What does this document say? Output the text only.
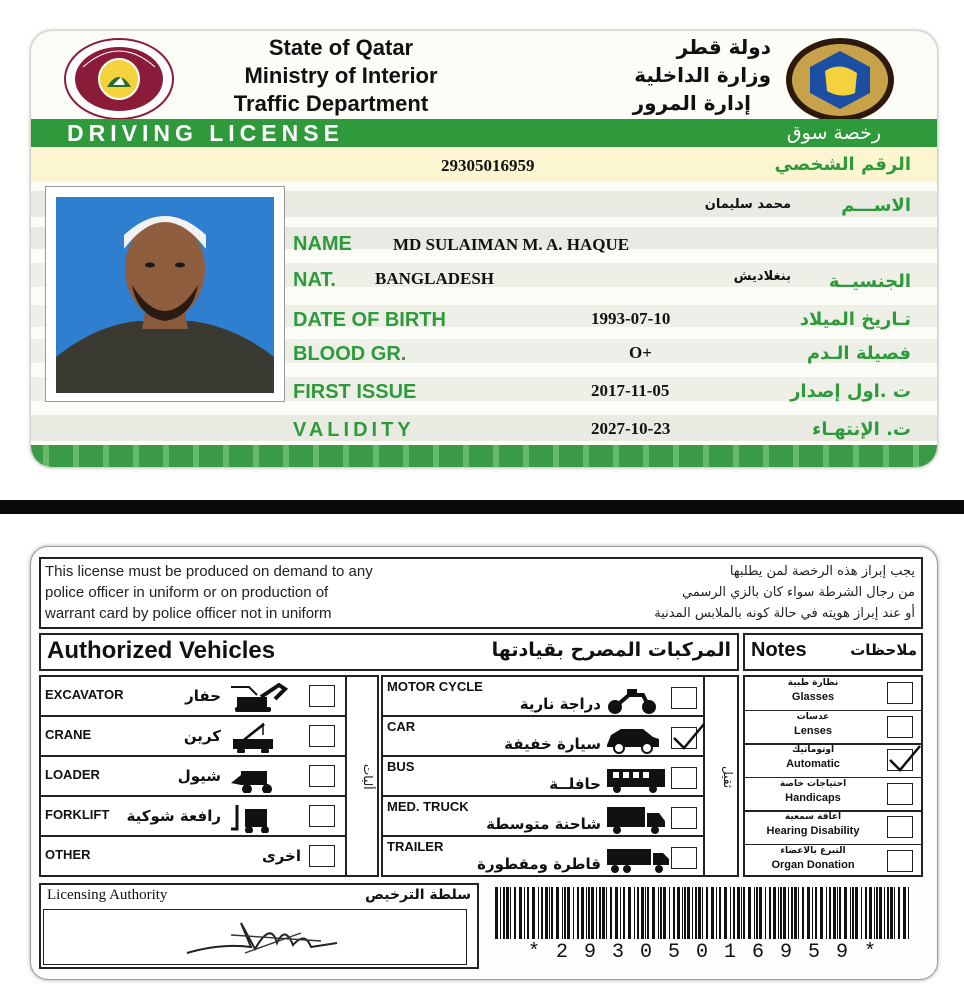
State of Qatar
Ministry of Interior
Traffic Department
دولة قطر
وزارة الداخلية
إدارة المرور
DRIVING LICENSE	رخصة سوق
29305016959	الرقم الشخصي
الاســـم
محمد سليمان
NAME MD SULAIMAN M. A. HAQUE
NAT. BANGLADESH	بنغلاديش	الجنسيــة
DATE OF BIRTH	1993-07-10	تـاريخ الميلاد
BLOOD GR.	O+	فصيلة الـدم
FIRST ISSUE	2017-11-05	ت .اول إصدار
VALIDITY	2027-10-23	ت. الإنتهـاء
This license must be produced on demand to any
police officer in uniform or on production of
warrant card by police officer not in uniform
يجب إبراز هذه الرخصة لمن يطلبها
من رجال الشرطة سواء كان بالزي الرسمي
أو عند إبراز هويته في حالة كونه بالملابس المدنية
Authorized Vehicles	المركبات المصرح بقيادتها Notes	ملاحظات
أليات	ثقيل
Licensing Authority	سلطة الترخيص
* 2 9 3 0 5 0 1 6 9 5 9 *
EXCAVATOR	حفار
CRANE	كرين
LOADER	شيول
FORKLIFT	رافعة شوكية
OTHER	اخرى
MOTOR CYCLE
دراجة نارية
CAR
سيارة خفيفة
BUS
حافلــة
MED. TRUCK
شاحنة متوسطة
TRAILER
قاطرة ومقطورة
نظارة طبية
Glasses
عدسات
Lenses
اوتوماتيك
Automatic
احتياجات خاصة
Handicaps
اعاقة سمعية
Hearing Disability
التبرع بالاعضاء
Organ Donation
